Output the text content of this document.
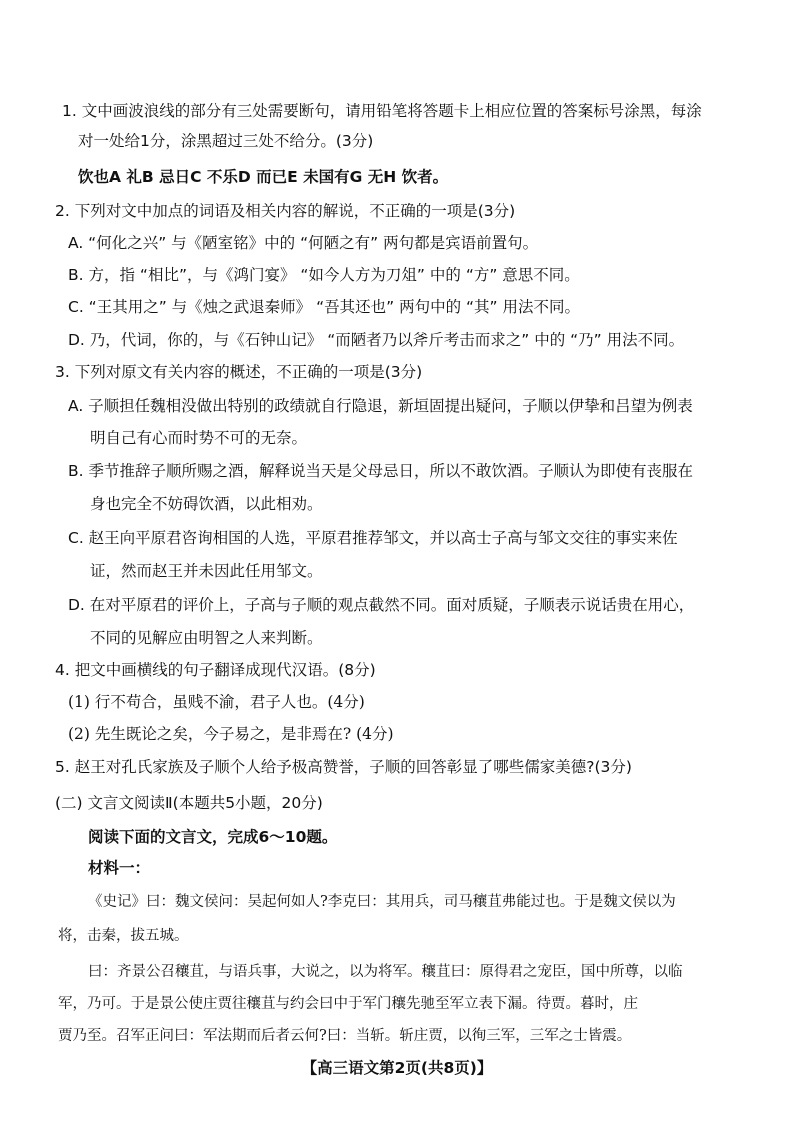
1. 文中画波浪线的部分有三处需要断句，请用铅笔将答题卡上相应位置的答案标号涂黑，每涂
对一处给1分，涂黑超过三处不给分。(3分)
饮也A 礼B 忌日C 不乐D 而已E 未国有G 无H 饮者。
2. 下列对文中加点的词语及相关内容的解说，不正确的一项是(3分)
A. “何化之兴” 与《陋室铭》中的 “何陋之有” 两句都是宾语前置句。
B. 方，指 “相比”，与《鸿门宴》 “如今人方为刀俎” 中的 “方” 意思不同。
C. “王其用之” 与《烛之武退秦师》 “吾其还也” 两句中的 “其” 用法不同。
D. 乃，代词，你的，与《石钟山记》 “而陋者乃以斧斤考击而求之” 中的 “乃” 用法不同。
3. 下列对原文有关内容的概述，不正确的一项是(3分)
A. 子顺担任魏相没做出特别的政绩就自行隐退，新垣固提出疑问，子顺以伊挚和吕望为例表
明自己有心而时势不可的无奈。
B. 季节推辞子顺所赐之酒，解释说当天是父母忌日，所以不敢饮酒。子顺认为即使有丧服在
身也完全不妨碍饮酒，以此相劝。
C. 赵王向平原君咨询相国的人选，平原君推荐邹文，并以高士子高与邹文交往的事实来佐
证，然而赵王并未因此任用邹文。
D. 在对平原君的评价上，子高与子顺的观点截然不同。面对质疑，子顺表示说话贵在用心，
不同的见解应由明智之人来判断。
4. 把文中画横线的句子翻译成现代汉语。(8分)
(1) 行不苟合，虽贱不渝，君子人也。(4分)
(2) 先生既论之矣，今子易之，是非焉在? (4分)
5. 赵王对孔氏家族及子顺个人给予极高赞誉，子顺的回答彰显了哪些儒家美德?(3分)
(二) 文言文阅读Ⅱ(本题共5小题，20分)
阅读下面的文言文，完成6～10题。
材料一：
《史记》曰：魏文侯问：吴起何如人?李克曰：其用兵，司马穰苴弗能过也。于是魏文侯以为
将，击秦，拔五城。
曰：齐景公召穰苴，与语兵事，大说之，以为将军。穰苴曰：原得君之宠臣，国中所尊，以临
军，乃可。于是景公使庄贾往穰苴与约会曰中于军门穰先驰至军立表下漏。待贾。暮时，庄
贾乃至。召军正问曰：军法期而后者云何?曰：当斩。斩庄贾，以徇三军，三军之士皆震。
【高三语文第2页(共8页)】
